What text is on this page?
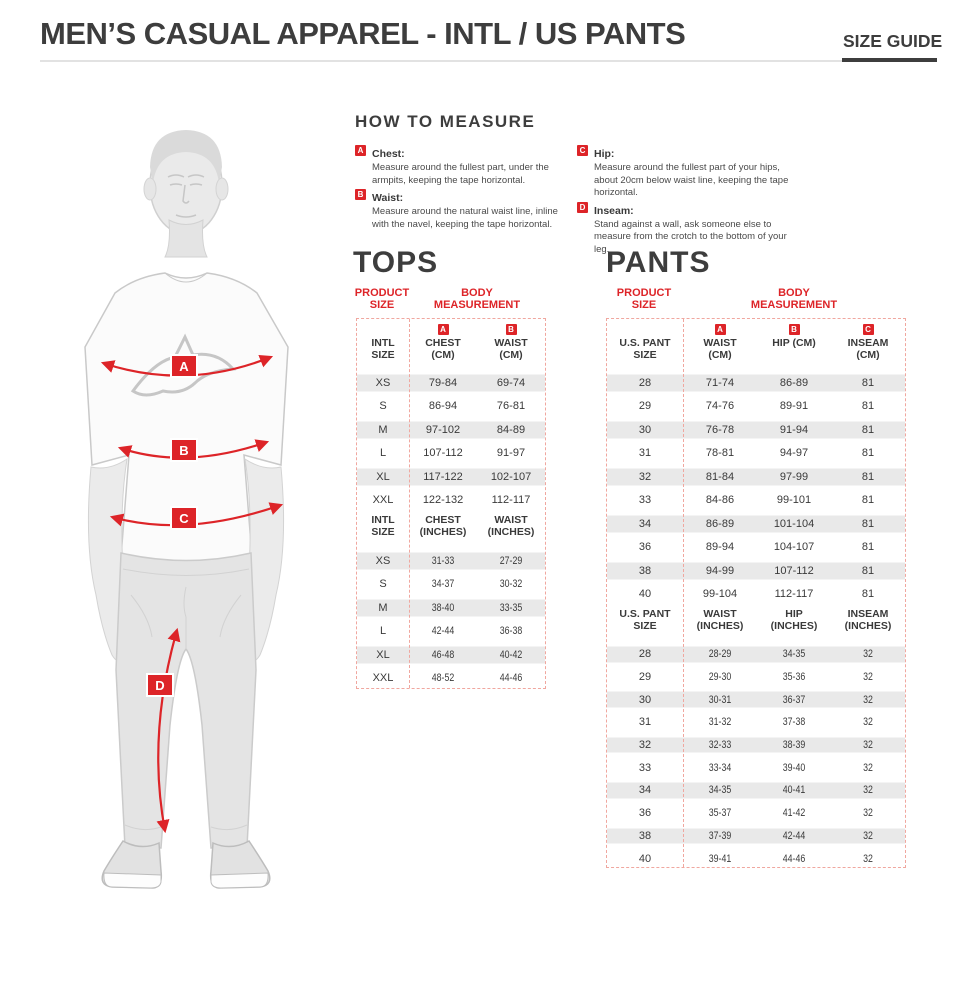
MEN’S CASUAL APPAREL - INTL / US PANTS	SIZE GUIDE
A
B
C
D
HOW TO MEASURE
A Chest:
Measure around the fullest part, under the armpits, keeping the tape horizontal.
B Waist:
Measure around the natural waist line, inline with the navel, keeping the tape horizontal.
C Hip:
Measure around the fullest part of your hips, about 20cm below waist line, keeping the tape horizontal.
D Inseam:
Stand against a wall, ask someone else to measure from the crotch to the bottom of your leg.
TOPS
PRODUCT SIZE
BODY MEASUREMENT
INTL SIZE
A
CHEST (CM)
B
WAIST (CM)
XS	79-84	69-74
S	86-94	76-81
M	97-102	84-89
L	107-112	91-97
XL	117-122	102-107
XXL	122-132	112-117
INTL SIZE
CHEST (INCHES)
WAIST (INCHES)
XS	31-33	27-29
S	34-37	30-32
M	38-40	33-35
L	42-44	36-38
XL	46-48	40-42
XXL	48-52	44-46
PANTS
PRODUCT SIZE
BODY MEASUREMENT
U.S. PANT SIZE
A
WAIST (CM)
B
HIP (CM)
C
INSEAM (CM)
28	71-74	86-89	81
29	74-76	89-91	81
30	76-78	91-94	81
31	78-81	94-97	81
32	81-84	97-99	81
33	84-86	99-101	81
34	86-89	101-104	81
36	89-94	104-107	81
38	94-99	107-112	81
40	99-104	112-117	81
U.S. PANT SIZE
WAIST (INCHES)
HIP (INCHES)
INSEAM (INCHES)
28	28-29	34-35	32
29	29-30	35-36	32
30	30-31	36-37	32
31	31-32	37-38	32
32	32-33	38-39	32
33	33-34	39-40	32
34	34-35	40-41	32
36	35-37	41-42	32
38	37-39	42-44	32
40	39-41	44-46	32
